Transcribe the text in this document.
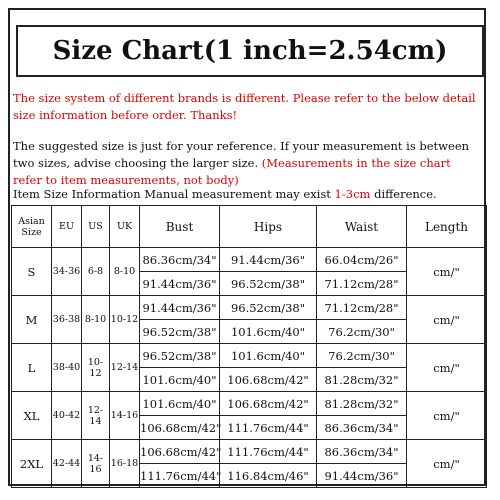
Size Chart(1 inch=2.54cm)
The size system of different brands is different. Please refer to the below detail size information before order. Thanks!
The suggested size is just for your reference. If your measurement is between two sizes, advise choosing the larger size. (Measurements in the size chart refer to item measurements, not body)
Item Size Information Manual measurement may exist 1-3cm difference.
Asian Size	EU	US	UK	Bust	Hips	Waist	Length
S	34-36	6-8	8-10	86.36cm/34"	91.44cm/36"	66.04cm/26"	cm/"
				91.44cm/36"	96.52cm/38"	71.12cm/28"	
M	36-38	8-10	10-12	91.44cm/36"	96.52cm/38"	71.12cm/28"	cm/"
				96.52cm/38"	101.6cm/40"	76.2cm/30"	
L	38-40	10-12	12-14	96.52cm/38"	101.6cm/40"	76.2cm/30"	cm/"
				101.6cm/40"	106.68cm/42"	81.28cm/32"	
XL	40-42	12-14	14-16	101.6cm/40"	106.68cm/42"	81.28cm/32"	cm/"
				106.68cm/42"	111.76cm/44"	86.36cm/34"	
2XL	42-44	14-16	16-18	106.68cm/42"	111.76cm/44"	86.36cm/34"	cm/"
				111.76cm/44"	116.84cm/46"	91.44cm/36"	
